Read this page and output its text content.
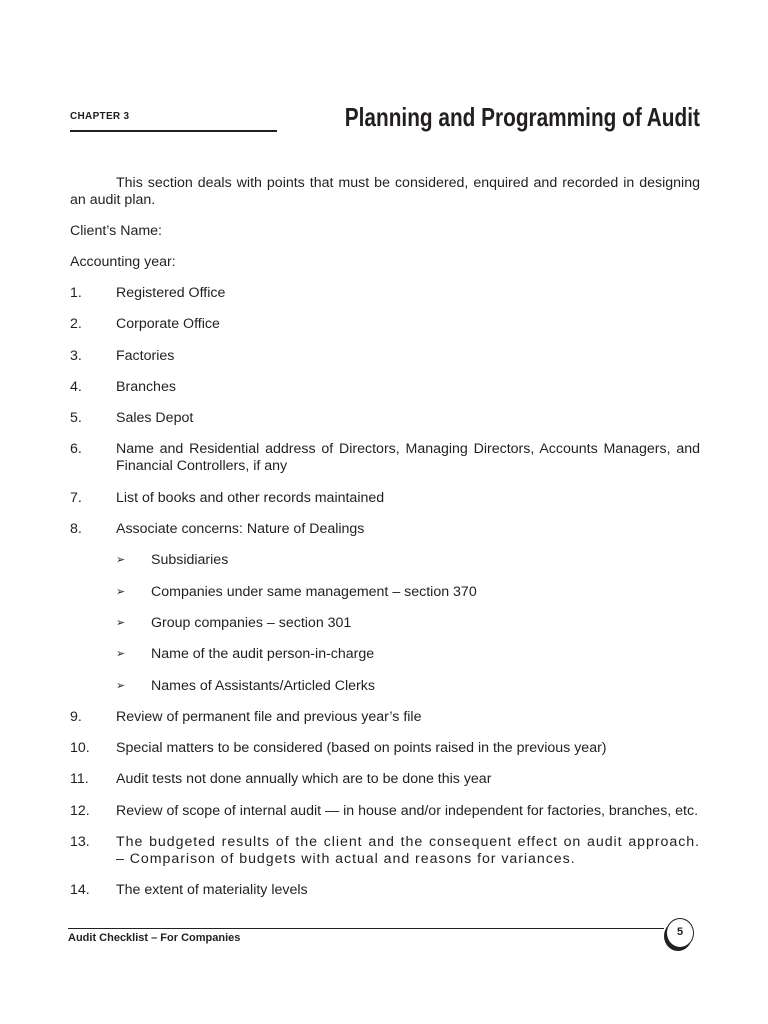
CHAPTER 3	Planning and Programming of Audit

This section deals with points that must be considered, enquired and recorded in designing an audit plan.

Client’s Name:

Accounting year:

1.	Registered Office
2.	Corporate Office
3.	Factories
4.	Branches
5.	Sales Depot
6.	Name and Residential address of Directors, Managing Directors, Accounts Managers, and Financial Controllers, if any
7.	List of books and other records maintained
8.	Associate concerns: Nature of Dealings
➢	Subsidiaries
➢	Companies under same management – section 370
➢	Group companies – section 301
➢	Name of the audit person-in-charge
➢	Names of Assistants/Articled Clerks
9.	Review of permanent file and previous year’s file
10.	Special matters to be considered (based on points raised in the previous year)
11.	Audit tests not done annually which are to be done this year
12.	Review of scope of internal audit — in house and/or independent for factories, branches, etc.
13.	The budgeted results of the client and the consequent effect on audit approach. – Comparison of budgets with actual and reasons for variances.
14.	The extent of materiality levels
Audit Checklist – For Companies	5
